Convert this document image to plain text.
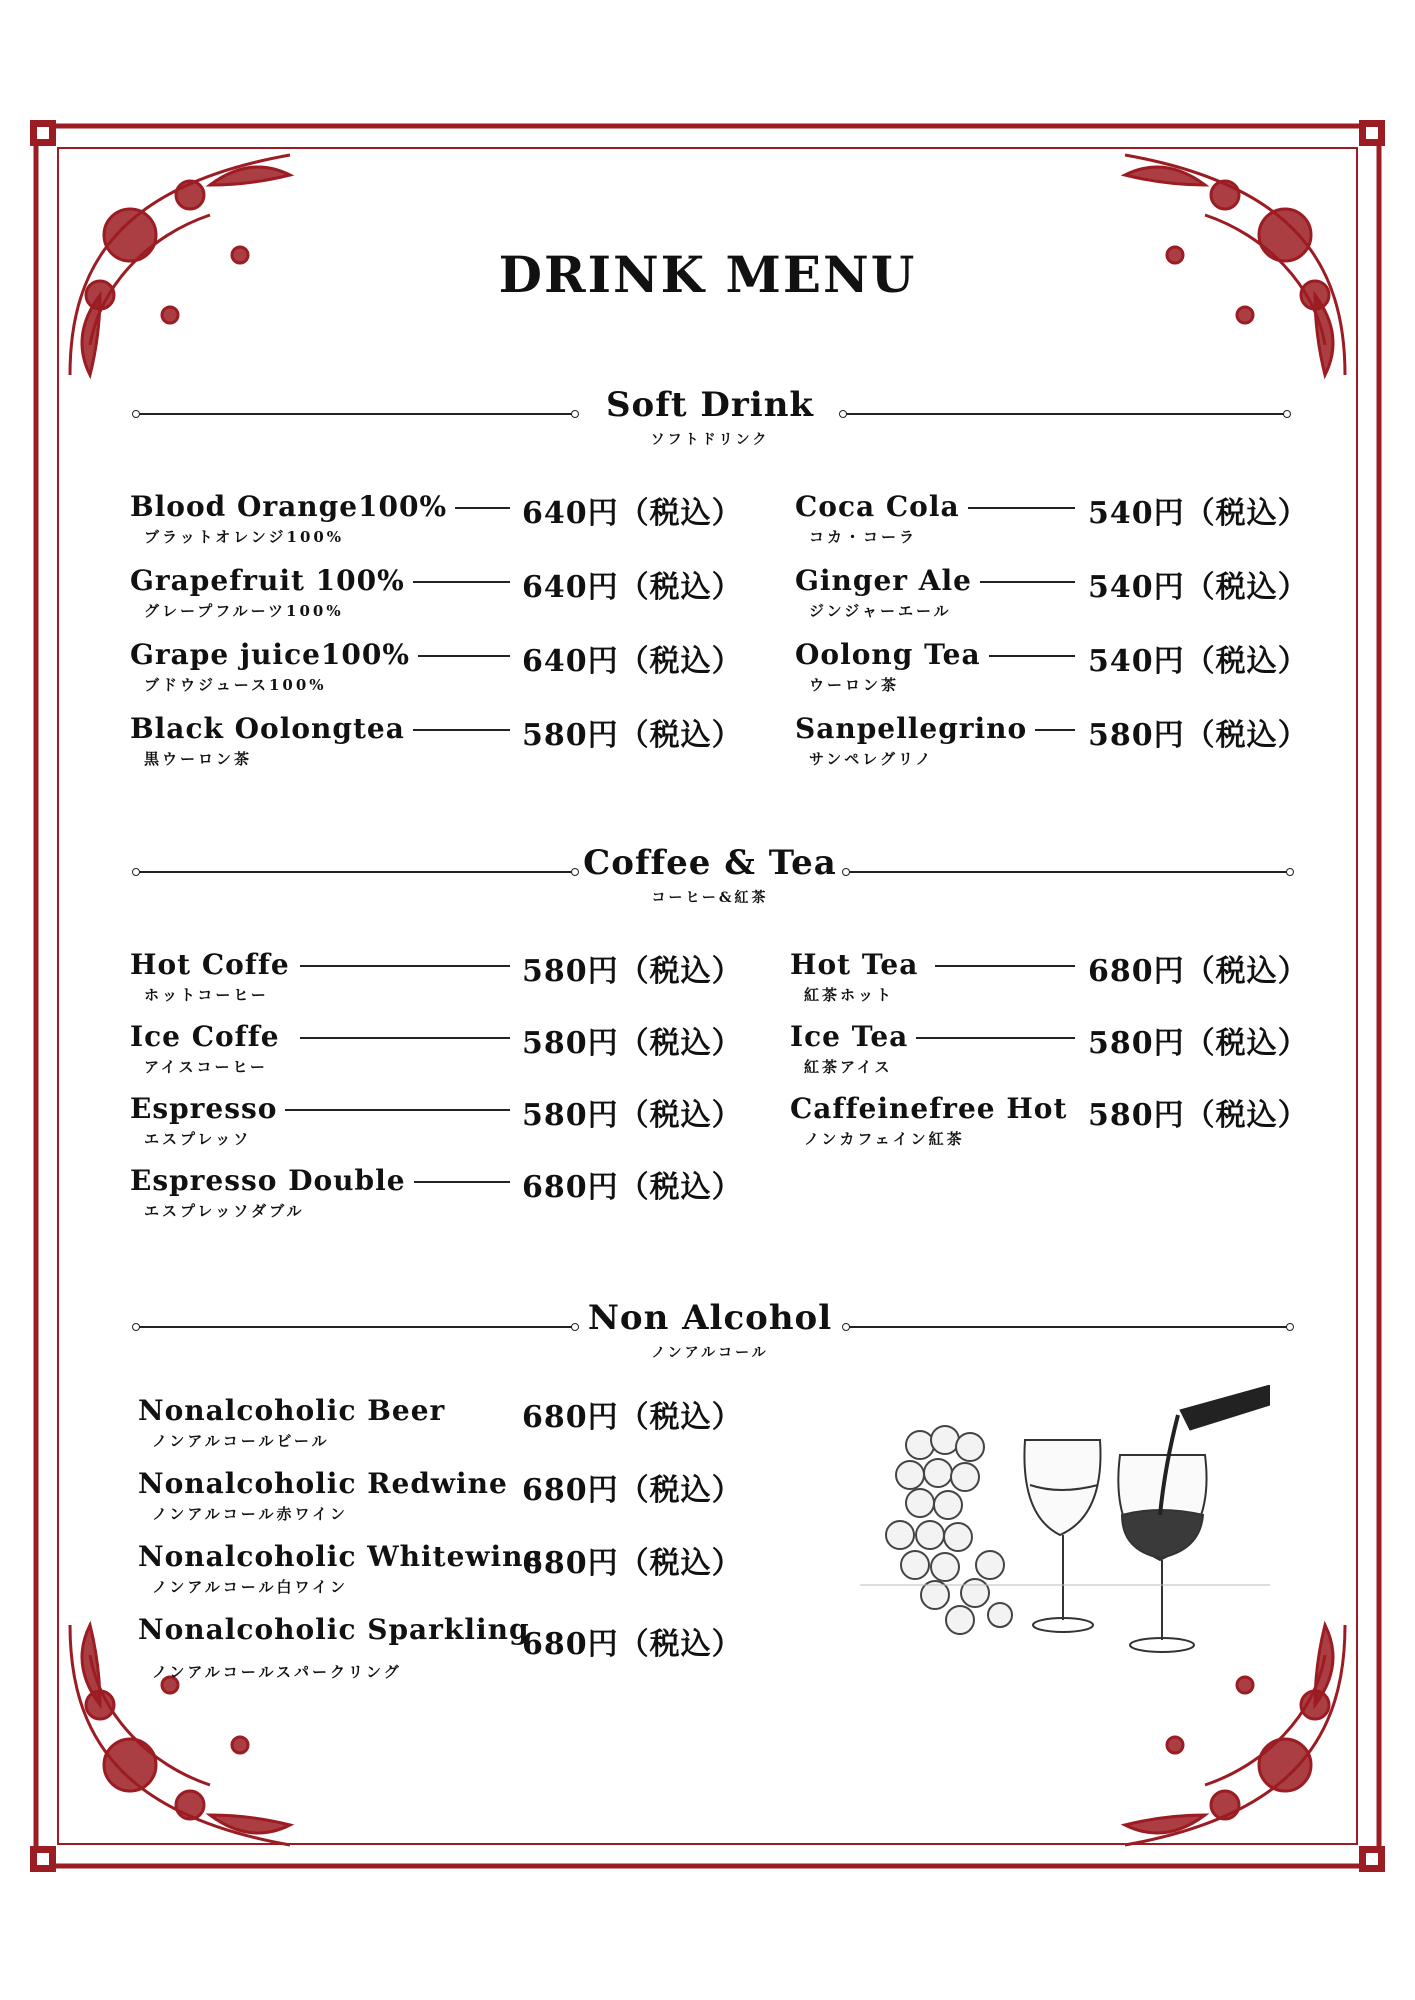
DRINK MENU
Soft Drink
ソフトドリンク
Blood Orange100%
ブラットオレンジ100%
640円（税込）
Grapefruit 100%
グレープフルーツ100%
640円（税込）
Grape juice100%
ブドウジュース100%
640円（税込）
Black Oolongtea
黒ウーロン茶
580円（税込）
Coca Cola
コカ・コーラ
540円（税込）
Ginger Ale
ジンジャーエール
540円（税込）
Oolong Tea
ウーロン茶
540円（税込）
Sanpellegrino
サンペレグリノ
580円（税込）
Coffee & Tea
コーヒー&紅茶
Hot Coffe
ホットコーヒー
580円（税込）
Ice Coffe
アイスコーヒー
580円（税込）
Espresso
エスプレッソ
580円（税込）
Espresso Double
エスプレッソダブル
680円（税込）
Hot Tea
紅茶ホット
680円（税込）
Ice Tea
紅茶アイス
580円（税込）
Caffeinefree Hot
ノンカフェイン紅茶
580円（税込）
Non Alcohol
ノンアルコール
Nonalcoholic Beer
ノンアルコールビール
680円（税込）
Nonalcoholic Redwine
ノンアルコール赤ワイン
680円（税込）
Nonalcoholic Whitewine
ノンアルコール白ワイン
680円（税込）
Nonalcoholic Sparkling
ノンアルコールスパークリング
680円（税込）
